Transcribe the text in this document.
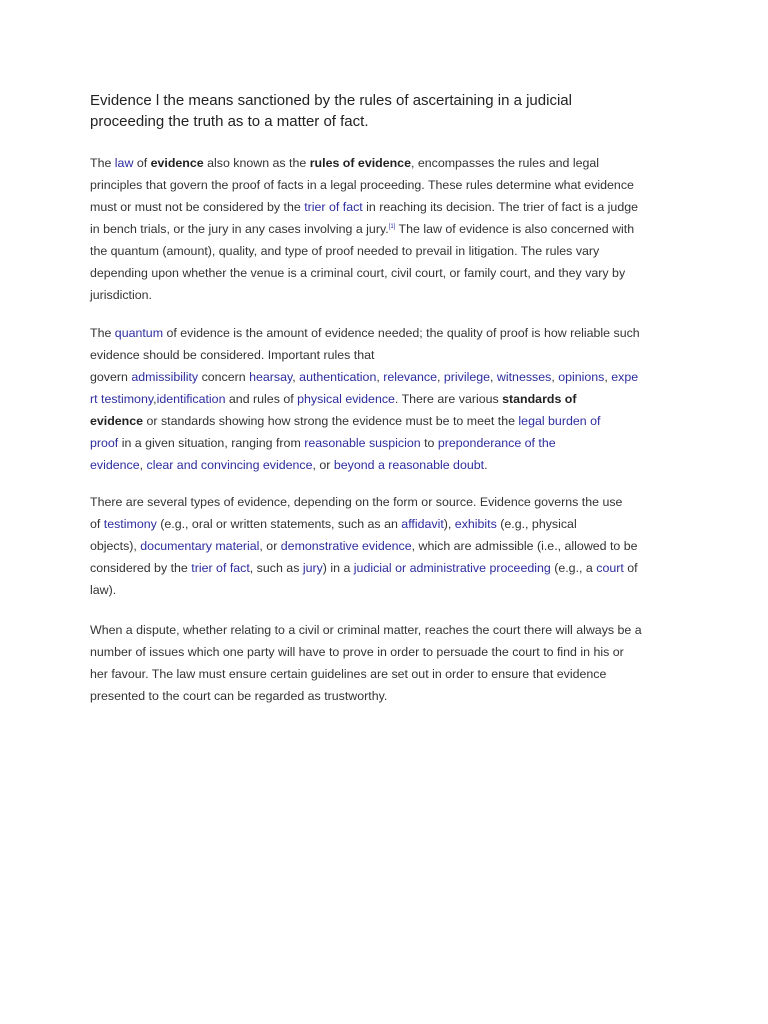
Evidence l the means sanctioned by the rules of ascertaining in a judicial
proceeding the truth as to a matter of fact.

The law of evidence also known as the rules of evidence, encompasses the rules and legal
principles that govern the proof of facts in a legal proceeding. These rules determine what evidence
must or must not be considered by the trier of fact in reaching its decision. The trier of fact is a judge
in bench trials, or the jury in any cases involving a jury.[1] The law of evidence is also concerned with
the quantum (amount), quality, and type of proof needed to prevail in litigation. The rules vary
depending upon whether the venue is a criminal court, civil court, or family court, and they vary by
jurisdiction.

The quantum of evidence is the amount of evidence needed; the quality of proof is how reliable such
evidence should be considered. Important rules that
govern admissibility concern hearsay, authentication, relevance, privilege, witnesses, opinions, expe
rt testimony,identification and rules of physical evidence. There are various standards of
evidence or standards showing how strong the evidence must be to meet the legal burden of
proof in a given situation, ranging from reasonable suspicion to preponderance of the
evidence, clear and convincing evidence, or beyond a reasonable doubt.

There are several types of evidence, depending on the form or source. Evidence governs the use
of testimony (e.g., oral or written statements, such as an affidavit), exhibits (e.g., physical
objects), documentary material, or demonstrative evidence, which are admissible (i.e., allowed to be
considered by the trier of fact, such as jury) in a judicial or administrative proceeding (e.g., a court of
law).

When a dispute, whether relating to a civil or criminal matter, reaches the court there will always be a
number of issues which one party will have to prove in order to persuade the court to find in his or
her favour. The law must ensure certain guidelines are set out in order to ensure that evidence
presented to the court can be regarded as trustworthy.
